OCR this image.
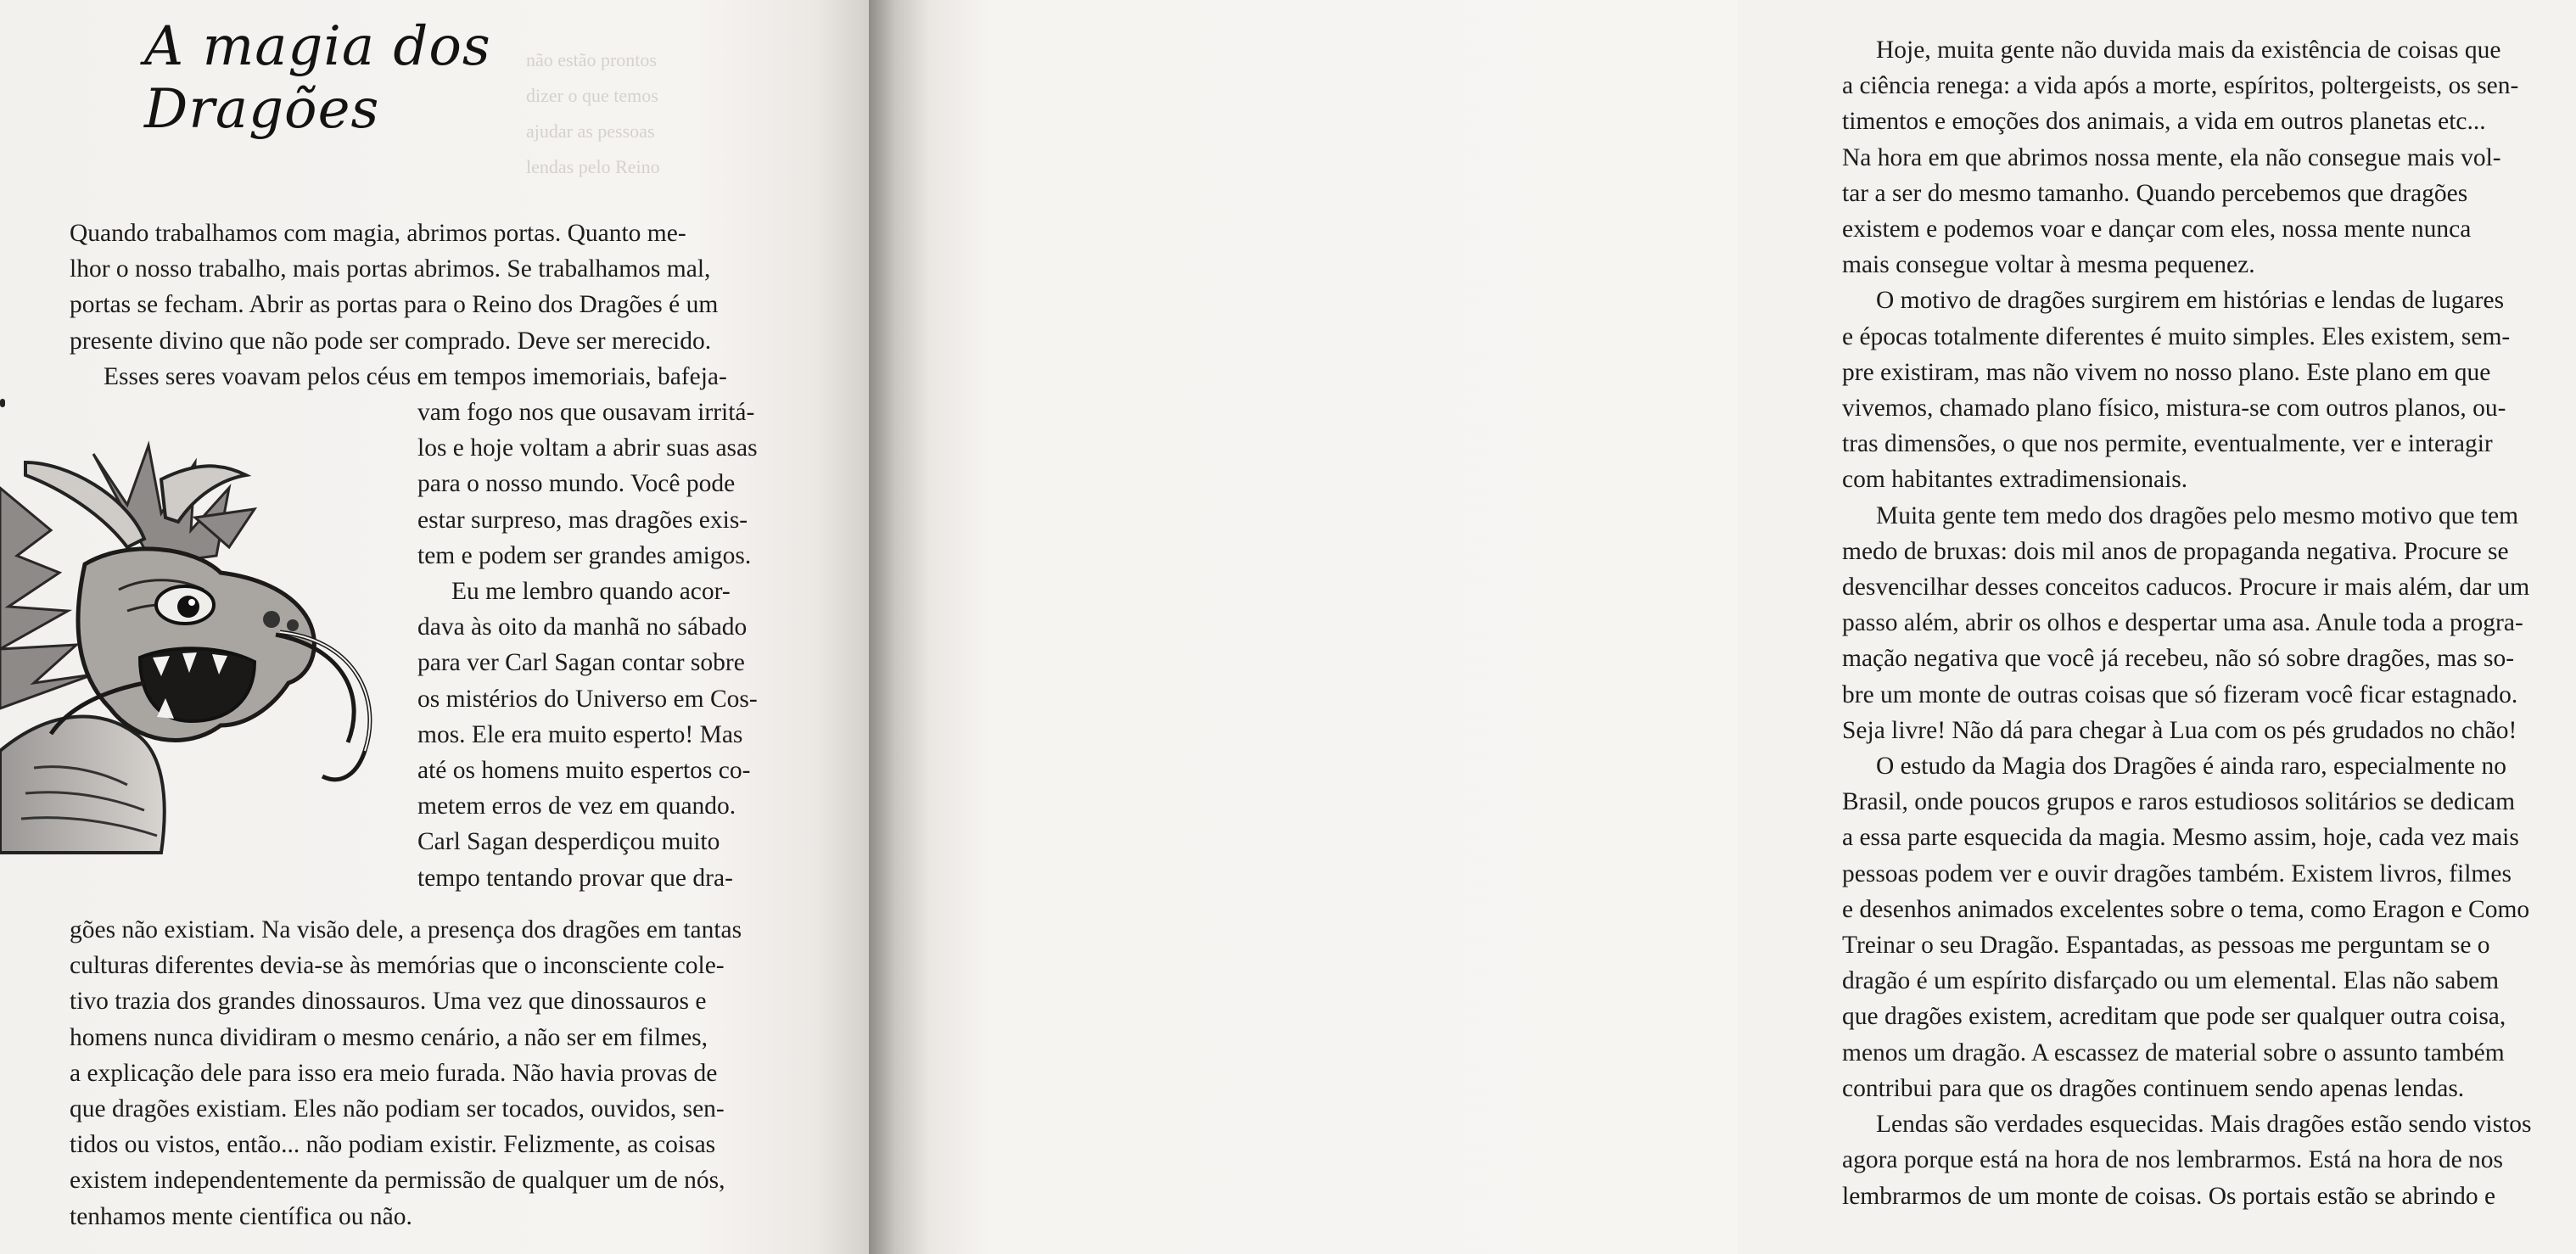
não estão prontos
dizer o que temos
ajudar as pessoas
lendas pelo Reino
A magia dos Dragões

Quando trabalhamos com magia, abrimos portas. Quanto me-

lhor o nosso trabalho, mais portas abrimos. Se trabalhamos mal,

portas se fecham. Abrir as portas para o Reino dos Dragões é um

presente divino que não pode ser comprado. Deve ser merecido.

Esses seres voavam pelos céus em tempos imemoriais, bafeja-

vam fogo nos que ousavam irritá-

los e hoje voltam a abrir suas asas

para o nosso mundo. Você pode

estar surpreso, mas dragões exis-

tem e podem ser grandes amigos.

Eu me lembro quando acor-

dava às oito da manhã no sábado

para ver Carl Sagan contar sobre

os mistérios do Universo em Cos-

mos. Ele era muito esperto! Mas

até os homens muito espertos co-

metem erros de vez em quando.

Carl Sagan desperdiçou muito

tempo tentando provar que dra-

gões não existiam. Na visão dele, a presença dos dragões em tantas

culturas diferentes devia-se às memórias que o inconsciente cole-

tivo trazia dos grandes dinossauros. Uma vez que dinossauros e

homens nunca dividiram o mesmo cenário, a não ser em filmes,

a explicação dele para isso era meio furada. Não havia provas de

que dragões existiam. Eles não podiam ser tocados, ouvidos, sen-

tidos ou vistos, então... não podiam existir. Felizmente, as coisas

existem independentemente da permissão de qualquer um de nós,

tenhamos mente científica ou não.

Hoje, muita gente não duvida mais da existência de coisas que

a ciência renega: a vida após a morte, espíritos, poltergeists, os sen-

timentos e emoções dos animais, a vida em outros planetas etc...

Na hora em que abrimos nossa mente, ela não consegue mais vol-

tar a ser do mesmo tamanho. Quando percebemos que dragões

existem e podemos voar e dançar com eles, nossa mente nunca

mais consegue voltar à mesma pequenez.

O motivo de dragões surgirem em histórias e lendas de lugares

e épocas totalmente diferentes é muito simples. Eles existem, sem-

pre existiram, mas não vivem no nosso plano. Este plano em que

vivemos, chamado plano físico, mistura-se com outros planos, ou-

tras dimensões, o que nos permite, eventualmente, ver e interagir

com habitantes extradimensionais.

Muita gente tem medo dos dragões pelo mesmo motivo que tem

medo de bruxas: dois mil anos de propaganda negativa. Procure se

desvencilhar desses conceitos caducos. Procure ir mais além, dar um

passo além, abrir os olhos e despertar uma asa. Anule toda a progra-

mação negativa que você já recebeu, não só sobre dragões, mas so-

bre um monte de outras coisas que só fizeram você ficar estagnado.

Seja livre! Não dá para chegar à Lua com os pés grudados no chão!

O estudo da Magia dos Dragões é ainda raro, especialmente no

Brasil, onde poucos grupos e raros estudiosos solitários se dedicam

a essa parte esquecida da magia. Mesmo assim, hoje, cada vez mais

pessoas podem ver e ouvir dragões também. Existem livros, filmes

e desenhos animados excelentes sobre o tema, como Eragon e Como

Treinar o seu Dragão. Espantadas, as pessoas me perguntam se o

dragão é um espírito disfarçado ou um elemental. Elas não sabem

que dragões existem, acreditam que pode ser qualquer outra coisa,

menos um dragão. A escassez de material sobre o assunto também

contribui para que os dragões continuem sendo apenas lendas.

Lendas são verdades esquecidas. Mais dragões estão sendo vistos

agora porque está na hora de nos lembrarmos. Está na hora de nos

lembrarmos de um monte de coisas. Os portais estão se abrindo e
